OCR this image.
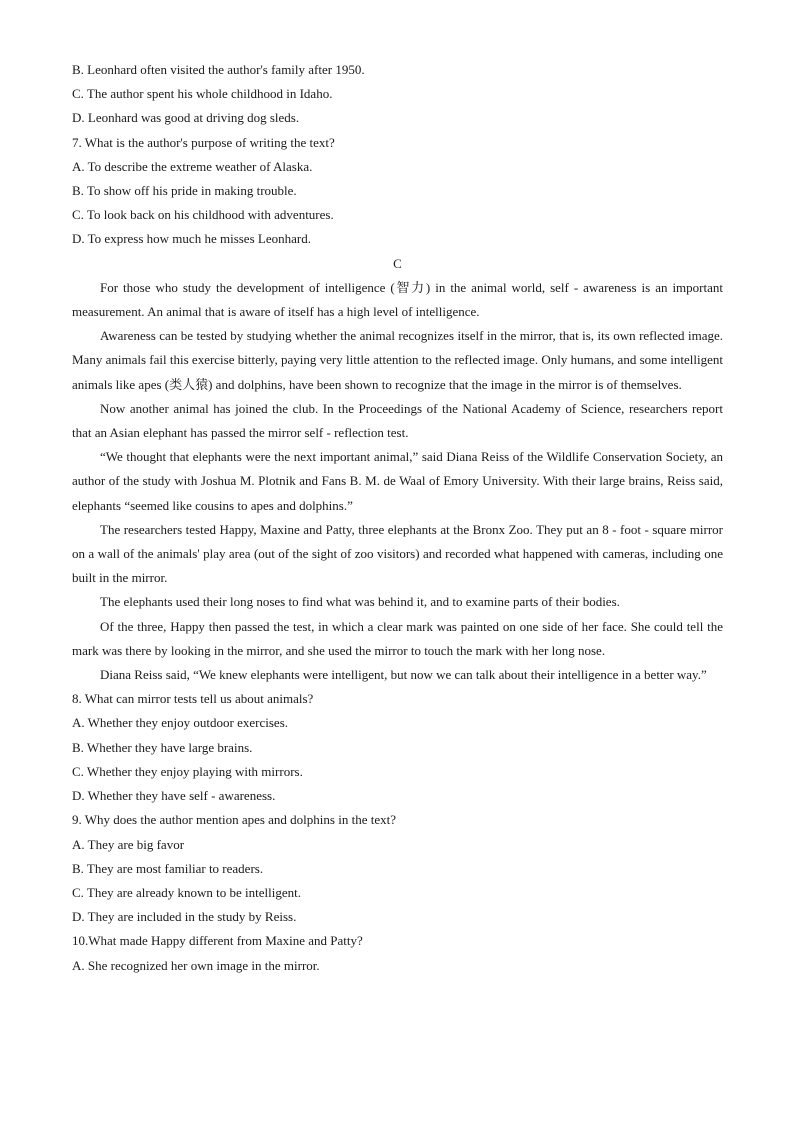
B. Leonhard often visited the author's family after 1950.
C. The author spent his whole childhood in Idaho.
D. Leonhard was good at driving dog sleds.
7. What is the author's purpose of writing the text?
A. To describe the extreme weather of Alaska.
B. To show off his pride in making trouble.
C. To look back on his childhood with adventures.
D. To express how much he misses Leonhard.
C

For those who study the development of intelligence (智力) in the animal world, self - awareness is an important measurement. An animal that is aware of itself has a high level of intelligence.

Awareness can be tested by studying whether the animal recognizes itself in the mirror, that is, its own reflected image. Many animals fail this exercise bitterly, paying very little attention to the reflected image. Only humans, and some intelligent animals like apes (类人猿) and dolphins, have been shown to recognize that the image in the mirror is of themselves.

Now another animal has joined the club. In the Proceedings of the National Academy of Science, researchers report that an Asian elephant has passed the mirror self - reflection test.

“We thought that elephants were the next important animal,” said Diana Reiss of the Wildlife Conservation Society, an author of the study with Joshua M. Plotnik and Fans B. M. de Waal of Emory University. With their large brains, Reiss said, elephants “seemed like cousins to apes and dolphins.”

The researchers tested Happy, Maxine and Patty, three elephants at the Bronx Zoo. They put an 8 - foot - square mirror on a wall of the animals' play area (out of the sight of zoo visitors) and recorded what happened with cameras, including one built in the mirror.

The elephants used their long noses to find what was behind it, and to examine parts of their bodies.

Of the three, Happy then passed the test, in which a clear mark was painted on one side of her face. She could tell the mark was there by looking in the mirror, and she used the mirror to touch the mark with her long nose.

Diana Reiss said, “We knew elephants were intelligent, but now we can talk about their intelligence in a better way.”

8. What can mirror tests tell us about animals?
A. Whether they enjoy outdoor exercises.
B. Whether they have large brains.
C. Whether they enjoy playing with mirrors.
D. Whether they have self - awareness.
9. Why does the author mention apes and dolphins in the text?
A. They are big favor
B. They are most familiar to readers.
C. They are already known to be intelligent.
D. They are included in the study by Reiss.
10.What made Happy different from Maxine and Patty?
A. She recognized her own image in the mirror.
